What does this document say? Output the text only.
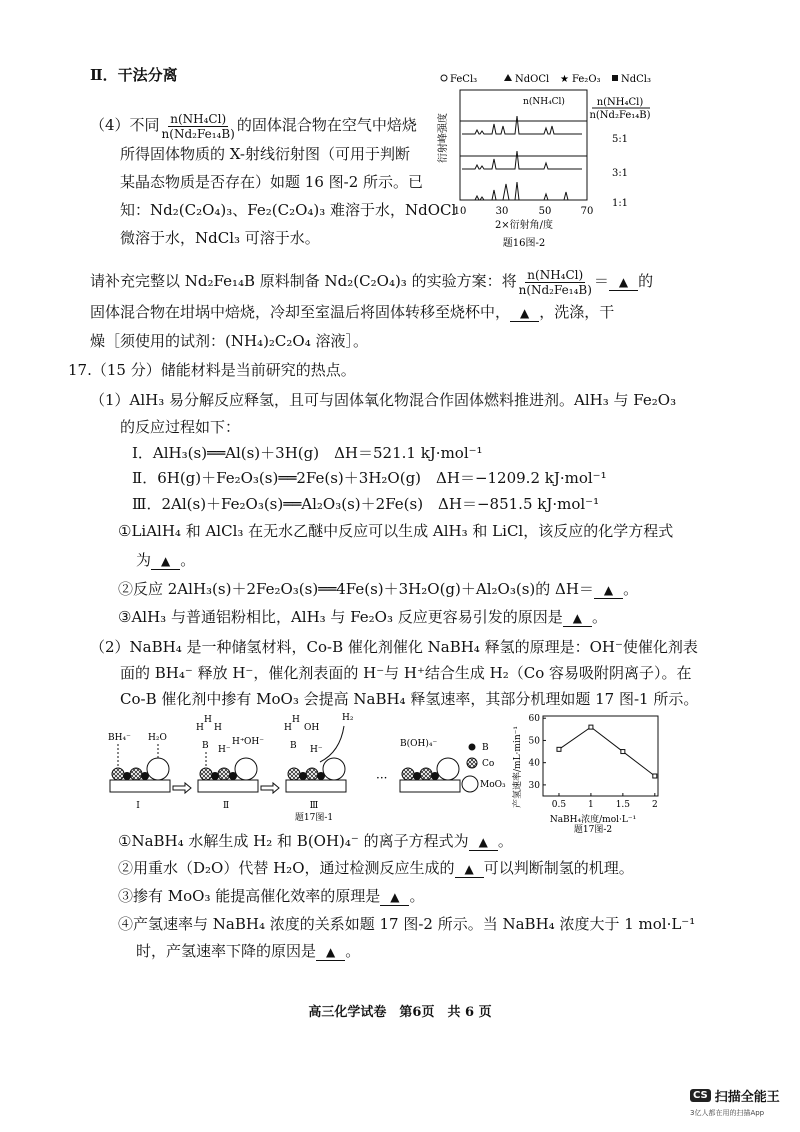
Ⅱ．干法分离
（4）不同 $\frac{\text{n(NH₄Cl)}}{\text{n(Nd₂Fe₁₄B)}}$ 的固体混合物在空气中焙烧
所得固体物质的 X-射线衍射图（可用于判断
某晶态物质是否存在）如题 16 图-2 所示。已
知：Nd₂(C₂O₄)₃、Fe₂(C₂O₄)₃ 难溶于水，NdOCl
微溶于水，NdCl₃ 可溶于水。
FeCl₃	NdOCl ★ Fe₂O₃ NdCl₃
衍射峰强度
n(NH₄Cl)	n(NH₄Cl)
n(Nd₂Fe₁₄B)
5:1
3:1
1:1
10	30	50	70
2×衍射角/度
题16图-2
请补充完整以 Nd₂Fe₁₄B 原料制备 Nd₂(C₂O₄)₃ 的实验方案：将 $\frac{\text{n(NH₄Cl)}}{\text{n(Nd₂Fe₁₄B)}}$ ＝ ▲ 的
固体混合物在坩埚中焙烧，冷却至室温后将固体转移至烧杯中， ▲ ，洗涤，干
燥［须使用的试剂：(NH₄)₂C₂O₄ 溶液］。
17.（15 分）储能材料是当前研究的热点。
（1）AlH₃ 易分解反应释氢，且可与固体氧化物混合作固体燃料推进剂。AlH₃ 与 Fe₂O₃
的反应过程如下：
Ⅰ．AlH₃(s)══Al(s)＋3H(g)　ΔH＝521.1 kJ·mol⁻¹
Ⅱ．6H(g)＋Fe₂O₃(s)══2Fe(s)＋3H₂O(g)　ΔH＝−1209.2 kJ·mol⁻¹
Ⅲ．2Al(s)＋Fe₂O₃(s)══Al₂O₃(s)＋2Fe(s)　ΔH＝−851.5 kJ·mol⁻¹
①LiAlH₄ 和 AlCl₃ 在无水乙醚中反应可以生成 AlH₃ 和 LiCl，该反应的化学方程式
为 ▲ 。
②反应 2AlH₃(s)＋2Fe₂O₃(s)══4Fe(s)＋3H₂O(g)＋Al₂O₃(s)的 ΔH＝ ▲ 。
③AlH₃ 与普通铝粉相比，AlH₃ 与 Fe₂O₃ 反应更容易引发的原因是 ▲ 。
（2）NaBH₄ 是一种储氢材料，Co-B 催化剂催化 NaBH₄ 释氢的原理是：OH⁻使催化剂表
面的 BH₄⁻ 释放 H⁻，催化剂表面的 H⁻与 H⁺结合生成 H₂（Co 容易吸附阴离子）。在
Co-B 催化剂中掺有 MoO₃ 会提高 NaBH₄ 释氢速率，其部分机理如题 17 图-1 所示。
BH₄⁻ H₂O
H
H
H
B H⁻
H⁺ OH⁻
H
H
OH
B H⁻
H₂
···
B(OH)₄⁻
Ⅰ	Ⅱ	Ⅲ
题17图-1
B
Co
MoO₃ 产氢速率/mL·min⁻¹
NaBH₄浓度/mol·L⁻¹
题17图-2
30
40
50
60
0.5 1 1.5 2
①NaBH₄ 水解生成 H₂ 和 B(OH)₄⁻ 的离子方程式为 ▲ 。
②用重水（D₂O）代替 H₂O，通过检测反应生成的 ▲ 可以判断制氢的机理。
③掺有 MoO₃ 能提高催化效率的原理是 ▲ 。
④产氢速率与 NaBH₄ 浓度的关系如题 17 图-2 所示。当 NaBH₄ 浓度大于 1 mol·L⁻¹
时，产氢速率下降的原因是 ▲ 。
高三化学试卷　第6页　共 6 页
CS 扫描全能王
3亿人都在用的扫描App
